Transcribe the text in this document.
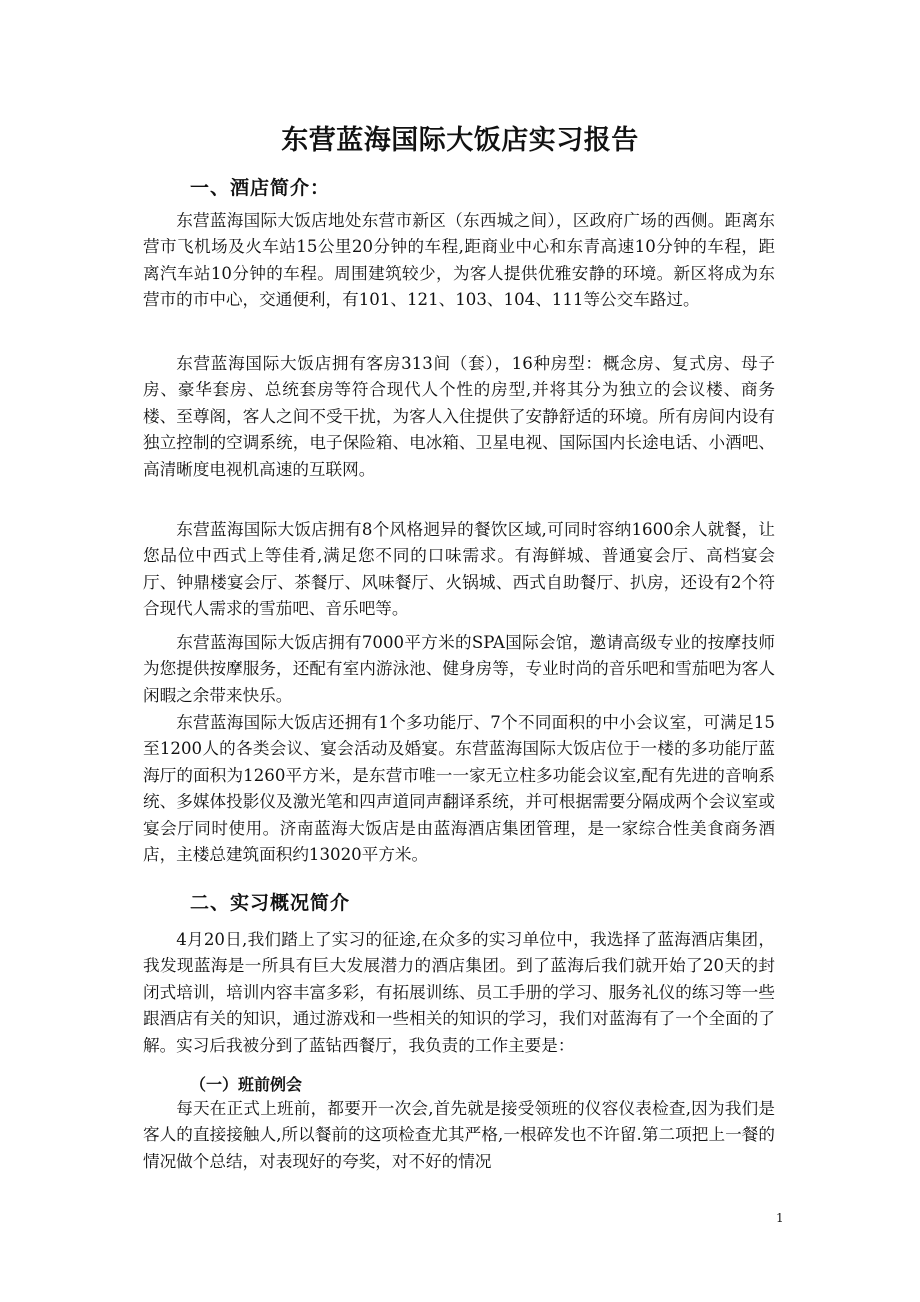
东营蓝海国际大饭店实习报告
一、酒店简介：

东营蓝海国际大饭店地处东营市新区（东西城之间），区政府广场的西侧。距离东营市飞机场及火车站15公里20分钟的车程,距商业中心和东青高速10分钟的车程，距离汽车站10分钟的车程。周围建筑较少，为客人提供优雅安静的环境。新区将成为东营市的市中心，交通便利，有101、121、103、104、111等公交车路过。

东营蓝海国际大饭店拥有客房313间（套），16种房型：概念房、复式房、母子房、豪华套房、总统套房等符合现代人个性的房型,并将其分为独立的会议楼、商务楼、至尊阁，客人之间不受干扰，为客人入住提供了安静舒适的环境。所有房间内设有独立控制的空调系统，电子保险箱、电冰箱、卫星电视、国际国内长途电话、小酒吧、高清晰度电视机高速的互联网。

东营蓝海国际大饭店拥有8个风格迥异的餐饮区域,可同时容纳1600余人就餐，让您品位中西式上等佳肴,满足您不同的口味需求。有海鲜城、普通宴会厅、高档宴会厅、钟鼎楼宴会厅、茶餐厅、风味餐厅、火锅城、西式自助餐厅、扒房，还设有2个符合现代人需求的雪茄吧、音乐吧等。

东营蓝海国际大饭店拥有7000平方米的SPA国际会馆，邀请高级专业的按摩技师为您提供按摩服务，还配有室内游泳池、健身房等，专业时尚的音乐吧和雪茄吧为客人闲暇之余带来快乐。

东营蓝海国际大饭店还拥有1个多功能厅、7个不同面积的中小会议室，可满足15至1200人的各类会议、宴会活动及婚宴。东营蓝海国际大饭店位于一楼的多功能厅蓝海厅的面积为1260平方米，是东营市唯一一家无立柱多功能会议室,配有先进的音响系统、多媒体投影仪及激光笔和四声道同声翻译系统，并可根据需要分隔成两个会议室或宴会厅同时使用。济南蓝海大饭店是由蓝海酒店集团管理，是一家综合性美食商务酒店，主楼总建筑面积约13020平方米。

二、实习概况简介

4月20日,我们踏上了实习的征途,在众多的实习单位中，我选择了蓝海酒店集团，我发现蓝海是一所具有巨大发展潜力的酒店集团。到了蓝海后我们就开始了20天的封闭式培训，培训内容丰富多彩，有拓展训练、员工手册的学习、服务礼仪的练习等一些跟酒店有关的知识，通过游戏和一些相关的知识的学习，我们对蓝海有了一个全面的了解。实习后我被分到了蓝钻西餐厅，我负责的工作主要是：

（一）班前例会

每天在正式上班前，都要开一次会,首先就是接受领班的仪容仪表检查,因为我们是客人的直接接触人,所以餐前的这项检查尤其严格,一根碎发也不许留.第二项把上一餐的情况做个总结，对表现好的夸奖，对不好的情况

1
